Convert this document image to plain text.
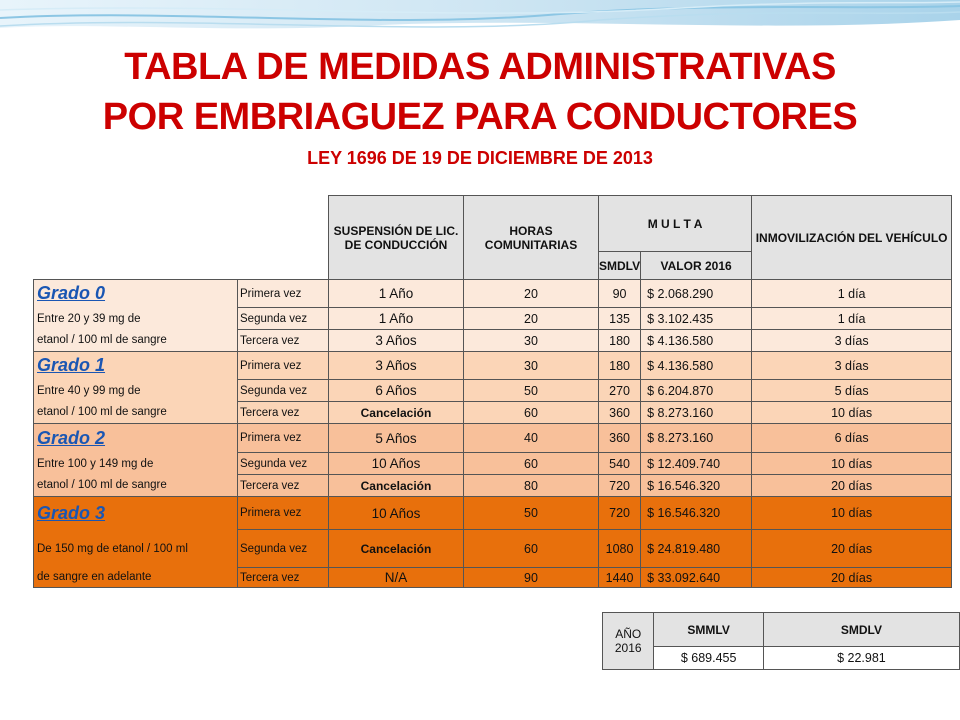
TABLA DE MEDIDAS ADMINISTRATIVAS
POR EMBRIAGUEZ PARA CONDUCTORES
LEY 1696 DE 19 DE DICIEMBRE DE 2013
		SUSPENSIÓN DE LIC. DE CONDUCCIÓN	HORAS COMUNITARIAS	M U L T A		INMOVILIZACIÓN DEL VEHÍCULO
				SMDLV	VALOR 2016	
Grado 0	Primera vez	1 Año	20	90	$ 2.068.290	1 día
Entre 20 y 39 mg de	Segunda vez	1 Año	20	135	$ 3.102.435	1 día
etanol / 100 ml de sangre	Tercera vez	3 Años	30	180	$ 4.136.580	3 días
Grado 1	Primera vez	3 Años	30	180	$ 4.136.580	3 días
Entre 40 y 99 mg de	Segunda vez	6 Años	50	270	$ 6.204.870	5 días
etanol / 100 ml de sangre	Tercera vez	Cancelación	60	360	$ 8.273.160	10 días
Grado 2	Primera vez	5 Años	40	360	$ 8.273.160	6 días
Entre 100 y 149 mg de	Segunda vez	10 Años	60	540	$ 12.409.740	10 días
etanol / 100 ml de sangre	Tercera vez	Cancelación	80	720	$ 16.546.320	20 días
Grado 3	Primera vez	10 Años	50	720	$ 16.546.320	10 días
De 150 mg de etanol / 100 ml	Segunda vez	Cancelación	60	1080	$ 24.819.480	20 días
de sangre en adelante	Tercera vez	N/A	90	1440	$ 33.092.640	20 días
AÑO
2016	SMMLV	SMDLV
	$ 689.455	$ 22.981
